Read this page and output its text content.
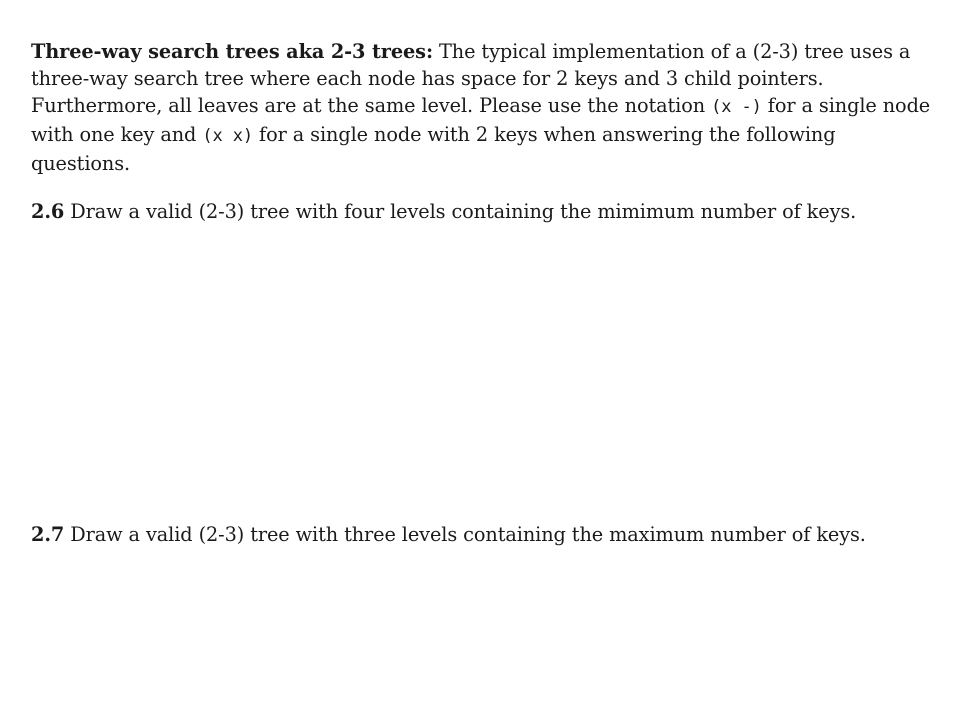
Three-way search trees aka 2-3 trees: The typical implementation of a (2-3) tree uses a three-way search tree where each node has space for 2 keys and 3 child pointers. Furthermore, all leaves are at the same level. Please use the notation (x -) for a single node with one key and (x x) for a single node with 2 keys when answering the following questions.

2.6 Draw a valid (2-3) tree with four levels containing the mimimum number of keys.

2.7 Draw a valid (2-3) tree with three levels containing the maximum number of keys.
